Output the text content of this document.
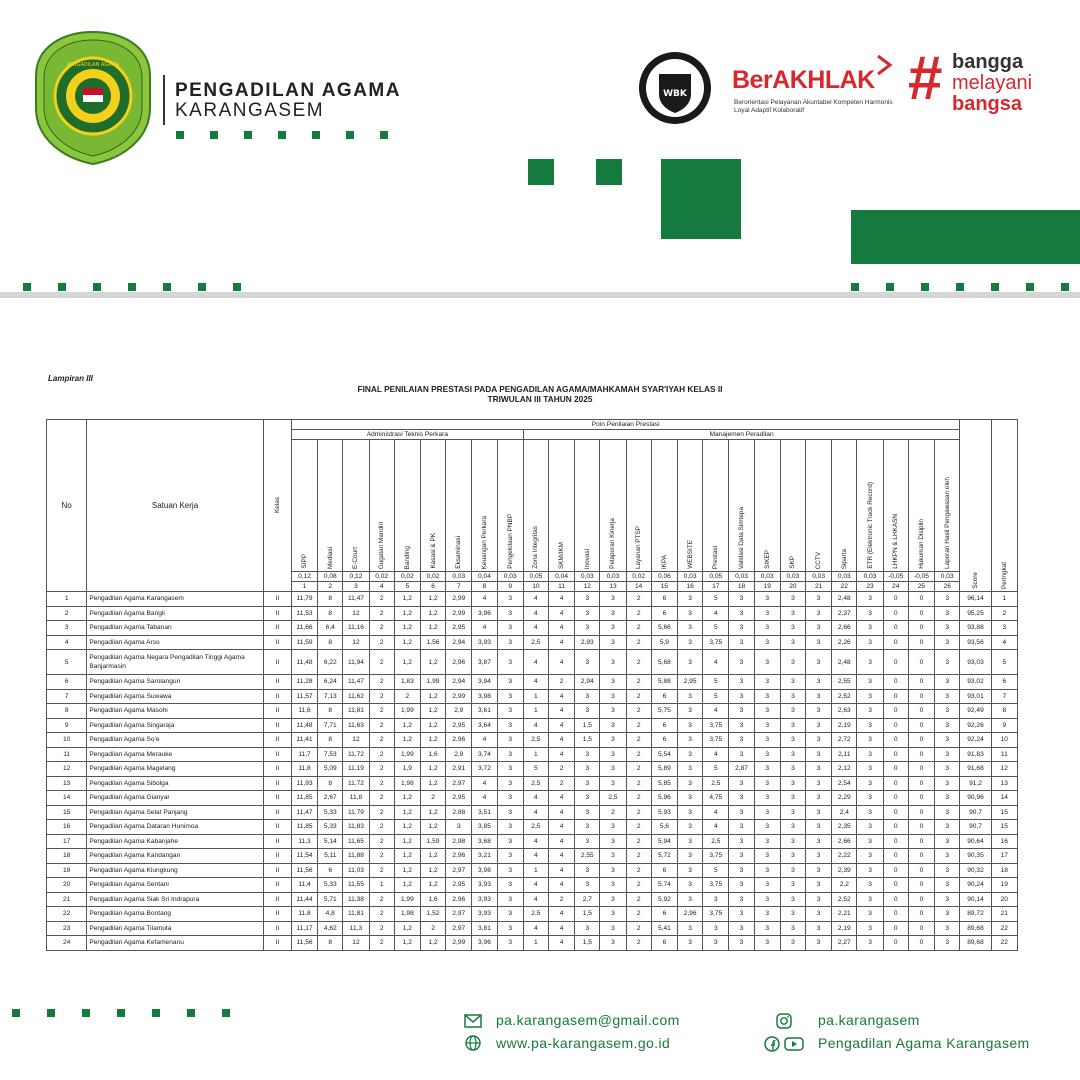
PENGADILAN AGAMA
PENGADILAN AGAMA
KARANGASEM
WBK BerAKHLAK
Berorientasi Pelayanan Akuntabel Kompeten Harmonis Loyal Adaptif Kolaboratif	# bangga
melayani
bangsa
Lampiran III
FINAL PENILAIAN PRESTASI PADA PENGADILAN AGAMA/MAHKAMAH SYAR'IYAH KELAS II
TRIWULAN III TAHUN 2025
No	Satuan Kerja	Kelas	Poin Penilaian Prestasi																											
			Administrasi Teknis Perkara									Manajemen Peradilan																	Score	Peringkat
			SIPP	Mediasi	E-Court	Gugatan Mandiri	Banding	Kasasi & PK	Eksaminasi	Keuangan Perkara	Pengelolaan PNBP	Zona Integritas	SKM/IKM	Inovasi	Pelaporan Kinerja	Layanan PTSP	IKPA	WEBSITE	Prestasi	Validasi Data Simtepa	SIKEP	SKP	CCTV	Siparta	ETR (Elektronic Track Record)	LHKPN & LHKASN	Hukuman Disiplin	Laporan Hasil Pengawasan oleh		
			0,12	0,08	0,12	0,02	0,02	0,02	0,03	0,04	0,03	0,05	0,04	0,03	0,03	0,02	0,06	0,03	0,05	0,03	0,03	0,03	0,03	0,03	0,03	-0,05	-0,05	0,03		
			1	2	3	4	5	6	7	8	9	10	11	12	13	14	15	16	17	18	19	20	21	22	23	24	25	26		
1	Pengadilan Agama Karangasem	II	11,79	8	11,47	2	1,2	1,2	2,99	4	3	4	4	3	3	2	6	3	5	3	3	3	3	2,48	3	0	0	3	96,14	1
2	Pengadilan Agama Bangli	II	11,53	8	12	2	1,2	1,2	2,99	3,96	3	4	4	3	3	2	6	3	4	3	3	3	3	2,37	3	0	0	3	95,25	2
3	Pengadilan Agama Tabanan	II	11,66	6,4	11,16	2	1,2	1,2	2,95	4	3	4	4	3	3	2	5,66	3	5	3	3	3	3	2,66	3	0	0	3	93,88	3
4	Pengadilan Agama Arso	II	11,59	8	12	2	1,2	1,56	2,94	3,93	3	2,5	4	2,93	3	2	5,9	3	3,75	3	3	3	3	2,26	3	0	0	3	93,56	4
5	Pengadilan Agama Negara Pengadilan Tinggi Agama Banjarmasin	II	11,48	6,22	11,94	2	1,2	1,2	2,96	3,87	3	4	4	3	3	2	5,68	3	4	3	3	3	3	2,48	3	0	0	3	93,03	5
6	Pengadilan Agama Sarolangun	II	11,28	6,24	11,47	2	1,83	1,99	2,94	3,94	3	4	2	2,94	3	2	5,88	2,95	5	3	3	3	3	2,55	3	0	0	3	93,02	6
7	Pengadilan Agama Suwawa	II	11,57	7,13	11,62	2	2	1,2	2,99	3,98	3	1	4	3	3	2	6	3	5	3	3	3	3	2,52	3	0	0	3	93,01	7
8	Pengadilan Agama Masohi	II	11,6	8	11,81	2	1,99	1,2	2,9	3,61	3	1	4	3	3	2	5,75	3	4	3	3	3	3	2,63	3	0	0	3	92,49	8
9	Pengadilan Agama Singaraja	II	11,48	7,71	11,63	2	1,2	1,2	2,95	3,64	3	4	4	1,5	3	2	6	3	3,75	3	3	3	3	2,19	3	0	0	3	92,26	9
10	Pengadilan Agama So'e	II	11,41	8	12	2	1,2	1,2	2,96	4	3	2,5	4	1,5	3	2	6	3	3,75	3	3	3	3	2,72	3	0	0	3	92,24	10
11	Pengadilan Agama Merauke	II	11,7	7,53	11,72	2	1,99	1,6	2,9	3,74	3	1	4	3	3	2	5,54	3	4	3	3	3	3	2,11	3	0	0	3	91,83	11
12	Pengadilan Agama Magelang	II	11,8	5,09	11,19	2	1,9	1,2	2,91	3,72	3	5	2	3	3	2	5,89	3	5	2,87	3	3	3	2,12	3	0	0	3	91,68	12
13	Pengadilan Agama Sibolga	II	11,93	8	11,72	2	1,98	1,2	2,97	4	3	2,5	2	3	3	2	5,85	3	2,5	3	3	3	3	2,54	3	0	0	3	91,2	13
14	Pengadilan Agama Gianyar	II	11,85	2,67	11,8	2	1,2	2	2,95	4	3	4	4	3	2,5	2	5,96	3	4,75	3	3	3	3	2,29	3	0	0	3	90,96	14
15	Pengadilan Agama Selat Panjang	II	11,47	5,33	11,79	2	1,2	1,2	2,88	3,51	3	4	4	3	2	2	5,93	3	4	3	3	3	3	2,4	3	0	0	3	90,7	15
16	Pengadilan Agama Dataran Hunimoa	II	11,85	5,33	11,83	2	1,2	1,2	3	3,85	3	2,5	4	3	3	2	5,6	3	4	3	3	3	3	2,35	3	0	0	3	90,7	15
17	Pengadilan Agama Kabanjahe	II	11,3	5,14	11,65	2	1,2	1,59	2,98	3,68	3	4	4	3	3	2	5,94	3	2,5	3	3	3	3	2,66	3	0	0	3	90,64	16
18	Pengadilan Agama Kandangan	II	11,54	5,11	11,88	2	1,2	1,2	2,96	3,21	3	4	4	2,55	3	2	5,72	3	3,75	3	3	3	3	2,22	3	0	0	3	90,35	17
19	Pengadilan Agama Klungkung	II	11,56	6	11,03	2	1,2	1,2	2,97	3,98	3	1	4	3	3	2	6	3	5	3	3	3	3	2,39	3	0	0	3	90,32	18
20	Pengadilan Agama Sentani	II	11,4	5,33	11,55	1	1,2	1,2	2,95	3,93	3	4	4	3	3	2	5,74	3	3,75	3	3	3	3	2,2	3	0	0	3	90,24	19
21	Pengadilan Agama Siak Sri Indrapura	II	11,44	5,71	11,38	2	1,99	1,6	2,96	3,93	3	4	2	2,7	3	2	5,92	3	3	3	3	3	3	2,52	3	0	0	3	90,14	20
22	Pengadilan Agama Bontang	II	11,8	4,8	11,81	2	1,98	1,52	2,97	3,93	3	2,5	4	1,5	3	2	6	2,96	3,75	3	3	3	3	2,21	3	0	0	3	89,72	21
23	Pengadilan Agama Tilamuta	II	11,17	4,62	11,3	2	1,2	2	2,97	3,81	3	4	4	3	3	2	5,41	3	3	3	3	3	3	2,19	3	0	0	3	89,68	22
24	Pengadilan Agama Kefamenanu	II	11,56	8	12	2	1,2	1,2	2,99	3,96	3	1	4	1,5	3	2	6	3	3	3	3	3	3	2,27	3	0	0	3	89,68	22
pa.karangasem@gmail.com
www.pa-karangasem.go.id
pa.karangasem
Pengadilan Agama Karangasem
